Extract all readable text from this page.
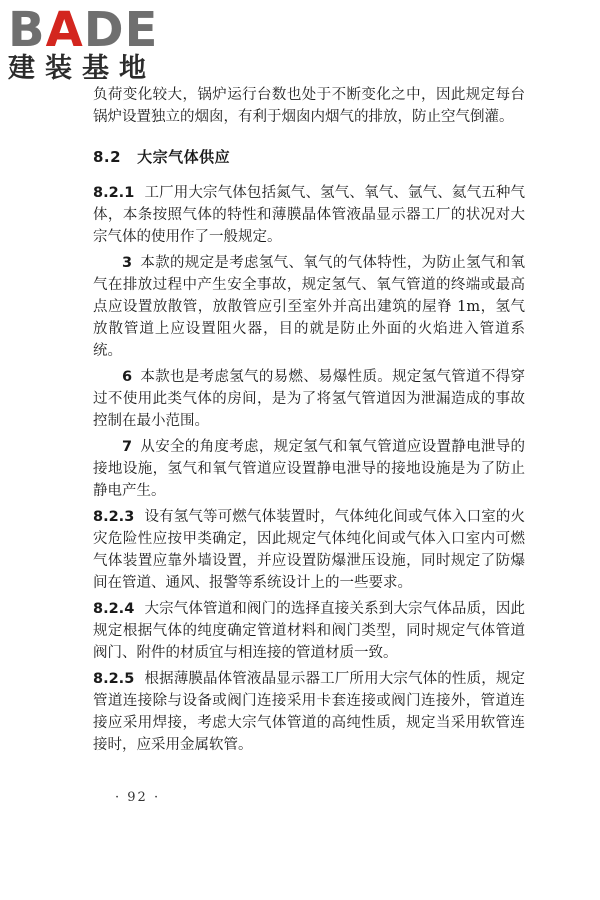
BADE
建装基地

负荷变化较大，锅炉运行台数也处于不断变化之中，因此规定每台锅炉设置独立的烟囱，有利于烟囱内烟气的排放，防止空气倒灌。

8.2 大宗气体供应

8.2.1 工厂用大宗气体包括氮气、氢气、氧气、氩气、氦气五种气体，本条按照气体的特性和薄膜晶体管液晶显示器工厂的状况对大宗气体的使用作了一般规定。

3 本款的规定是考虑氢气、氧气的气体特性，为防止氢气和氧气在排放过程中产生安全事故，规定氢气、氧气管道的终端或最高点应设置放散管，放散管应引至室外并高出建筑的屋脊 1m，氢气放散管道上应设置阻火器，目的就是防止外面的火焰进入管道系统。

6 本款也是考虑氢气的易燃、易爆性质。规定氢气管道不得穿过不使用此类气体的房间，是为了将氢气管道因为泄漏造成的事故控制在最小范围。

7 从安全的角度考虑，规定氢气和氧气管道应设置静电泄导的接地设施，氢气和氧气管道应设置静电泄导的接地设施是为了防止静电产生。

8.2.3 设有氢气等可燃气体装置时，气体纯化间或气体入口室的火灾危险性应按甲类确定，因此规定气体纯化间或气体入口室内可燃气体装置应靠外墙设置，并应设置防爆泄压设施，同时规定了防爆间在管道、通风、报警等系统设计上的一些要求。

8.2.4 大宗气体管道和阀门的选择直接关系到大宗气体品质，因此规定根据气体的纯度确定管道材料和阀门类型，同时规定气体管道阀门、附件的材质宜与相连接的管道材质一致。

8.2.5 根据薄膜晶体管液晶显示器工厂所用大宗气体的性质，规定管道连接除与设备或阀门连接采用卡套连接或阀门连接外，管道连接应采用焊接，考虑大宗气体管道的高纯性质，规定当采用软管连接时，应采用金属软管。

· 92 ·
